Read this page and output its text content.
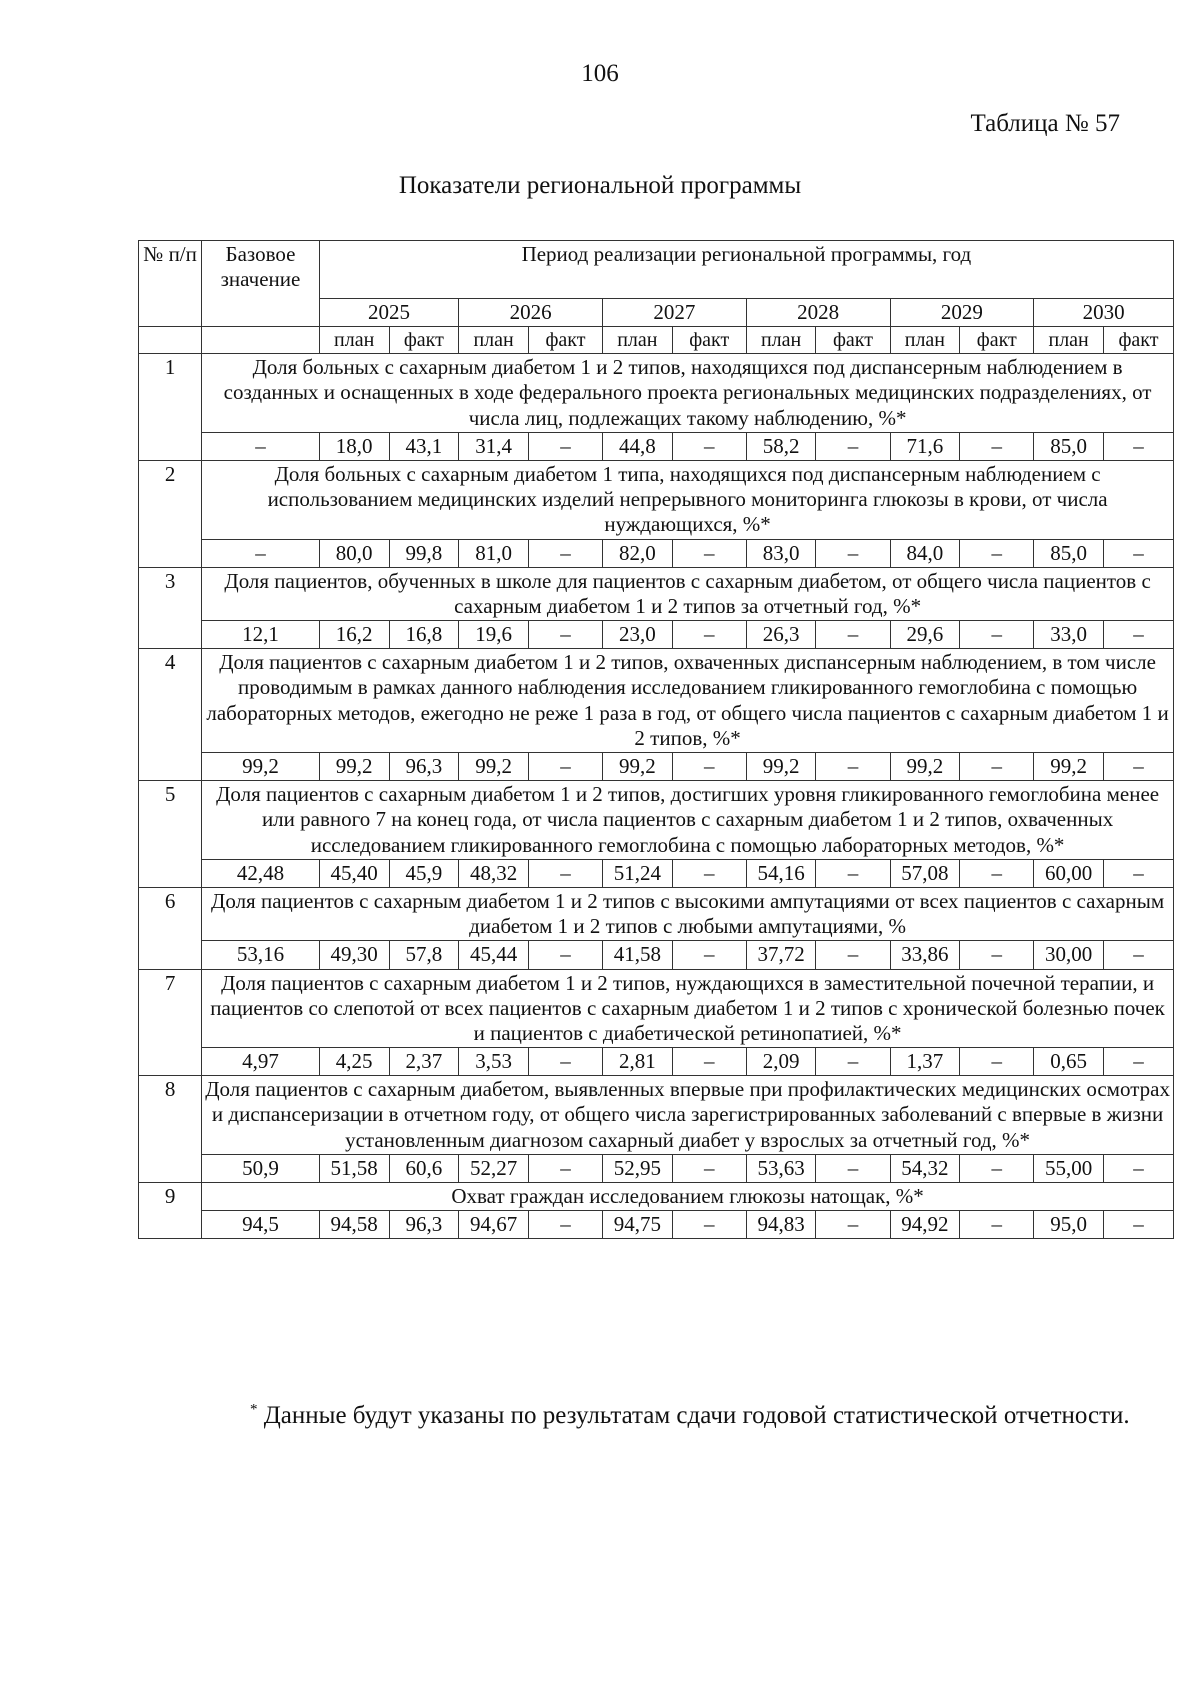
106
Таблица № 57
Показатели региональной программы
№ п/п	Базовое значение	Период реализации региональной программы, год											
		2025		2026		2027		2028		2029		2030	
		план	факт	план	факт	план	факт	план	факт	план	факт	план	факт
1	Доля больных с сахарным диабетом 1 и 2 типов, находящихся под диспансерным наблюдением в созданных и оснащенных в ходе федерального проекта региональных медицинских подразделениях, от числа лиц, подлежащих такому наблюдению, %*												
	–	18,0	43,1	31,4	–	44,8	–	58,2	–	71,6	–	85,0	–
2	Доля больных с сахарным диабетом 1 типа, находящихся под диспансерным наблюдением с использованием медицинских изделий непрерывного мониторинга глюкозы в крови, от числа нуждающихся, %*												
	–	80,0	99,8	81,0	–	82,0	–	83,0	–	84,0	–	85,0	–
3	Доля пациентов, обученных в школе для пациентов с сахарным диабетом, от общего числа пациентов с сахарным диабетом 1 и 2 типов за отчетный год, %*												
	12,1	16,2	16,8	19,6	–	23,0	–	26,3	–	29,6	–	33,0	–
4	Доля пациентов с сахарным диабетом 1 и 2 типов, охваченных диспансерным наблюдением, в том числе проводимым в рамках данного наблюдения исследованием гликированного гемоглобина с помощью лабораторных методов, ежегодно не реже 1 раза в год, от общего числа пациентов с сахарным диабетом 1 и 2 типов, %*												
	99,2	99,2	96,3	99,2	–	99,2	–	99,2	–	99,2	–	99,2	–
5	Доля пациентов с сахарным диабетом 1 и 2 типов, достигших уровня гликированного гемоглобина менее или равного 7 на конец года, от числа пациентов с сахарным диабетом 1 и 2 типов, охваченных исследованием гликированного гемоглобина с помощью лабораторных методов, %*												
	42,48	45,40	45,9	48,32	–	51,24	–	54,16	–	57,08	–	60,00	–
6	Доля пациентов с сахарным диабетом 1 и 2 типов с высокими ампутациями от всех пациентов с сахарным диабетом 1 и 2 типов с любыми ампутациями, %												
	53,16	49,30	57,8	45,44	–	41,58	–	37,72	–	33,86	–	30,00	–
7	Доля пациентов с сахарным диабетом 1 и 2 типов, нуждающихся в заместительной почечной терапии, и пациентов со слепотой от всех пациентов с сахарным диабетом 1 и 2 типов с хронической болезнью почек и пациентов с диабетической ретинопатией, %*												
	4,97	4,25	2,37	3,53	–	2,81	–	2,09	–	1,37	–	0,65	–
8	Доля пациентов с сахарным диабетом, выявленных впервые при профилактических медицинских осмотрах и диспансеризации в отчетном году, от общего числа зарегистрированных заболеваний с впервые в жизни установленным диагнозом сахарный диабет у взрослых за отчетный год, %*												
	50,9	51,58	60,6	52,27	–	52,95	–	53,63	–	54,32	–	55,00	–
9	Охват граждан исследованием глюкозы натощак, %*												
	94,5	94,58	96,3	94,67	–	94,75	–	94,83	–	94,92	–	95,0	–
* Данные будут указаны по результатам сдачи годовой статистической отчетности.
